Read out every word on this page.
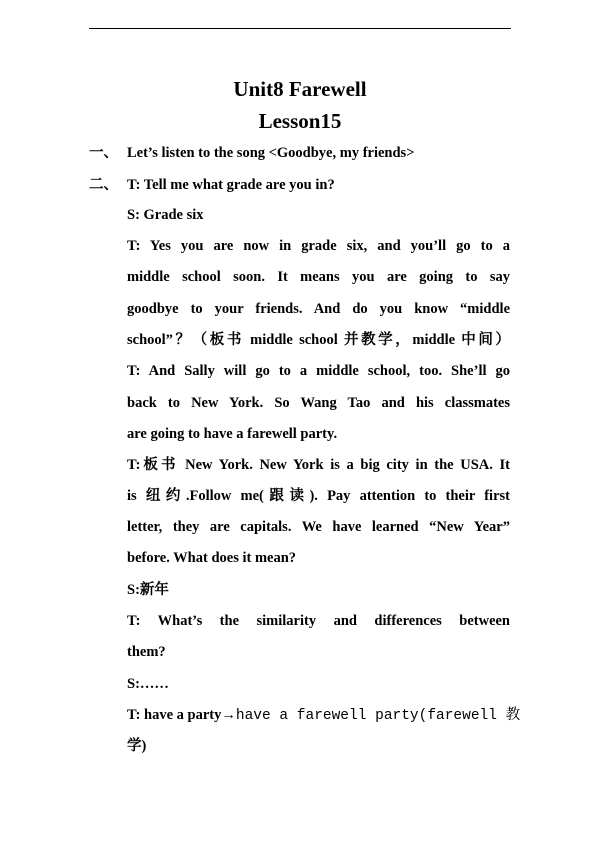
Unit8 Farewell
Lesson15
一、 Let’s listen to the song <Goodbye, my friends>
二、 T: Tell me what grade are you in?
S: Grade six
T: Yes you are now in grade six, and you’ll go to a
middle school soon. It means you are going to say
goodbye to your friends. And do you know “middle
school”？（板书 middle school 并教学，middle 中间）
T: And Sally will go to a middle school, too. She’ll go
back to New York. So Wang Tao and his classmates
are going to have a farewell party.
T:板书 New York. New York is a big city in the USA. It
is 纽约.Follow me(跟读). Pay attention to their first
letter, they are capitals. We have learned “New Year”
before. What does it mean?
S:新年
T: What’s the similarity and differences between
them?
S:……
T: have a party→have a farewell party(farewell 教
学)
